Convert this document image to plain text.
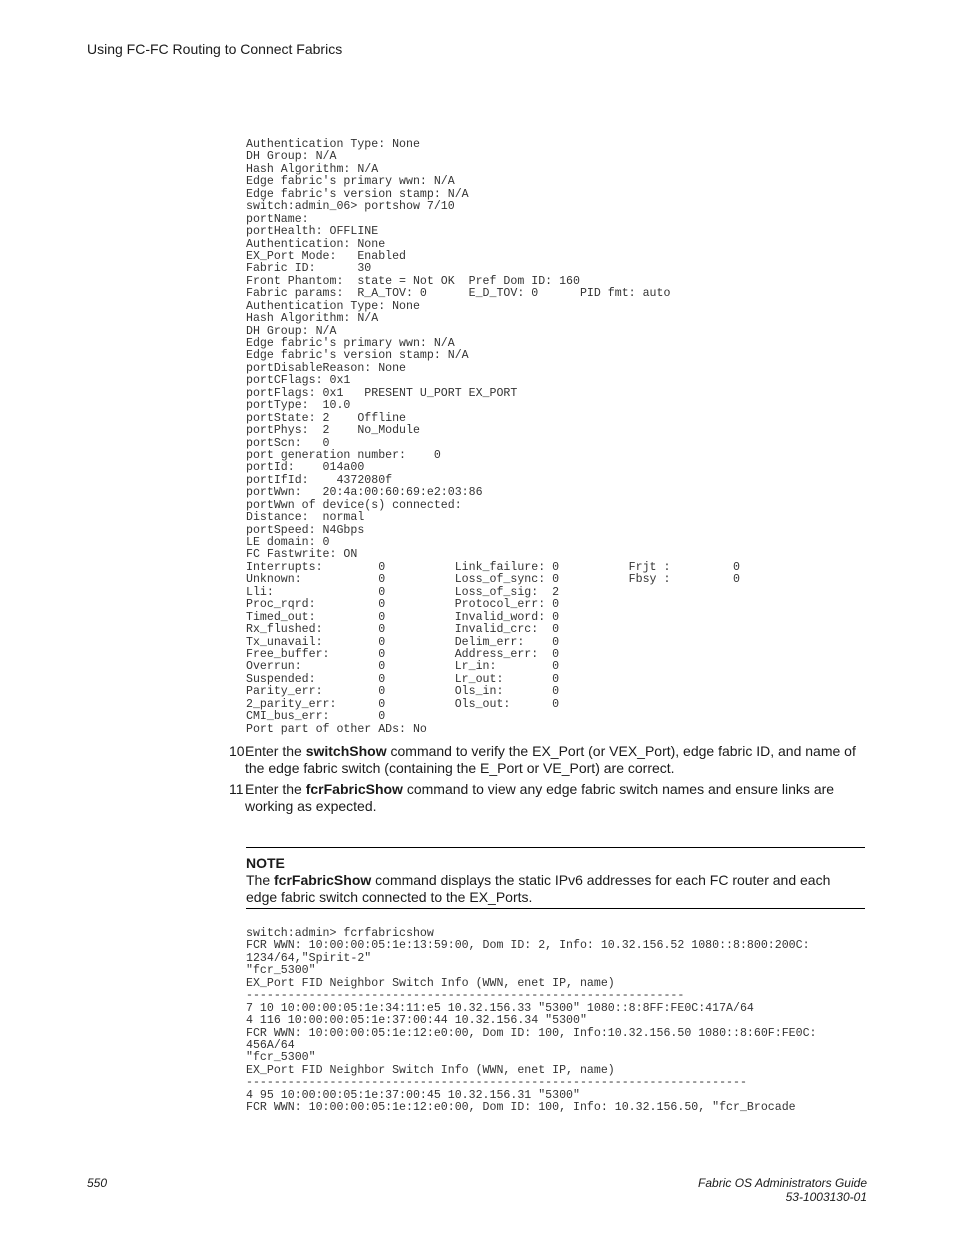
Using FC-FC Routing to Connect Fabrics
Authentication Type: None
DH Group: N/A
Hash Algorithm: N/A
Edge fabric's primary wwn: N/A
Edge fabric's version stamp: N/A
switch:admin_06> portshow 7/10
portName:
portHealth: OFFLINE
Authentication: None
EX_Port Mode:   Enabled
Fabric ID:      30
Front Phantom:  state = Not OK  Pref Dom ID: 160
Fabric params:  R_A_TOV: 0      E_D_TOV: 0      PID fmt: auto
Authentication Type: None
Hash Algorithm: N/A
DH Group: N/A
Edge fabric's primary wwn: N/A
Edge fabric's version stamp: N/A
portDisableReason: None
portCFlags: 0x1
portFlags: 0x1   PRESENT U_PORT EX_PORT
portType:  10.0
portState: 2    Offline
portPhys:  2    No_Module
portScn:   0
port generation number:    0
portId:    014a00
portIfId:    4372080f
portWwn:   20:4a:00:60:69:e2:03:86
portWwn of device(s) connected:
Distance:  normal
portSpeed: N4Gbps
LE domain: 0
FC Fastwrite: ON
Interrupts:        0          Link_failure: 0          Frjt :         0
Unknown:           0          Loss_of_sync: 0          Fbsy :         0
Lli:               0          Loss_of_sig:  2
Proc_rqrd:         0          Protocol_err: 0
Timed_out:         0          Invalid_word: 0
Rx_flushed:        0          Invalid_crc:  0
Tx_unavail:        0          Delim_err:    0
Free_buffer:       0          Address_err:  0
Overrun:           0          Lr_in:        0
Suspended:         0          Lr_out:       0
Parity_err:        0          Ols_in:       0
2_parity_err:      0          Ols_out:      0
CMI_bus_err:       0
Port part of other ADs: No
10 Enter the switchShow command to verify the EX_Port (or VEX_Port), edge fabric ID, and name of the edge fabric switch (containing the E_Port or VE_Port) are correct.
11 Enter the fcrFabricShow command to view any edge fabric switch names and ensure links are working as expected.
NOTE
The fcrFabricShow command displays the static IPv6 addresses for each FC router and each edge fabric switch connected to the EX_Ports.
switch:admin> fcrfabricshow
FCR WWN: 10:00:00:05:1e:13:59:00, Dom ID: 2, Info: 10.32.156.52 1080::8:800:200C:
1234/64,"Spirit-2"
"fcr_5300"
EX_Port FID Neighbor Switch Info (WWN, enet IP, name)
---------------------------------------------------------------
7 10 10:00:00:05:1e:34:11:e5 10.32.156.33 "5300" 1080::8:8FF:FE0C:417A/64
4 116 10:00:00:05:1e:37:00:44 10.32.156.34 "5300"
FCR WWN: 10:00:00:05:1e:12:e0:00, Dom ID: 100, Info:10.32.156.50 1080::8:60F:FE0C:
456A/64
"fcr_5300"
EX_Port FID Neighbor Switch Info (WWN, enet IP, name)
------------------------------------------------------------------------
4 95 10:00:00:05:1e:37:00:45 10.32.156.31 "5300"
FCR WWN: 10:00:00:05:1e:12:e0:00, Dom ID: 100, Info: 10.32.156.50, "fcr_Brocade
550	Fabric OS Administrators Guide
53-1003130-01
